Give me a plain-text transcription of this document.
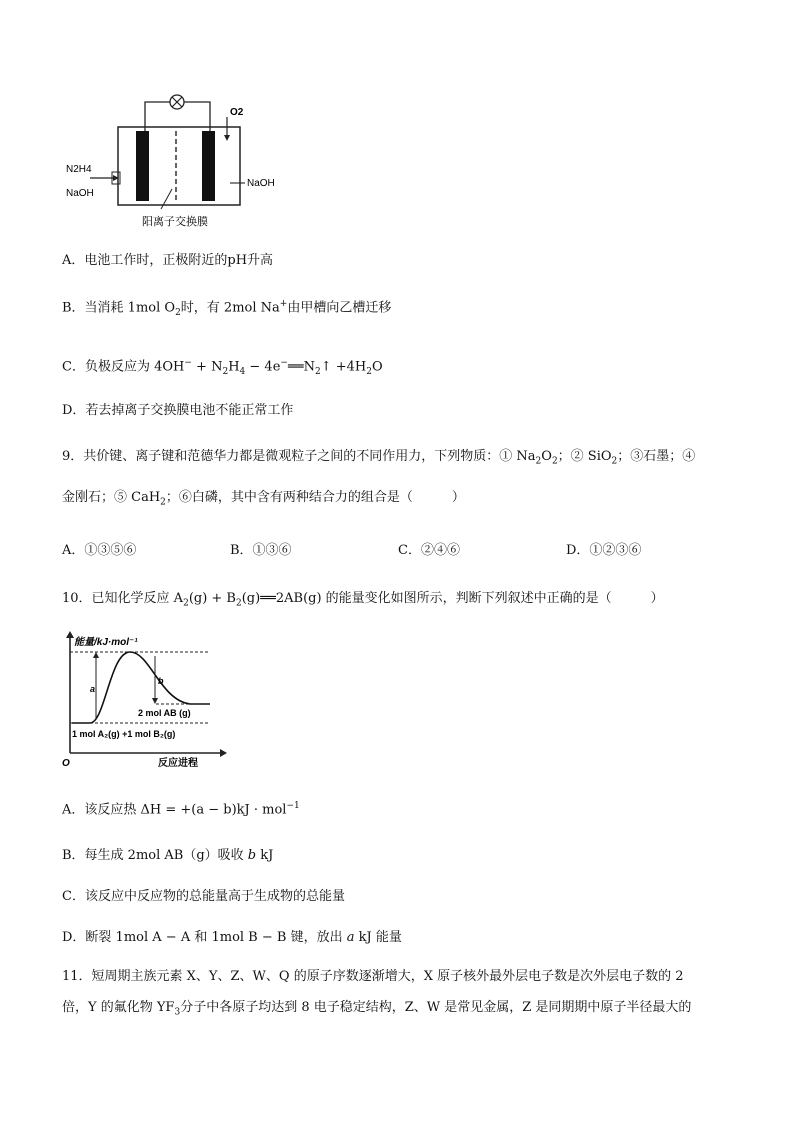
N2H4
NaOH
O2
NaOH
阳离子交换膜
A．电池工作时，正极附近的pH升高
B．当消耗 1mol $O_2$时，有 2mol Na+由甲槽向乙槽迁移
C．负极反应为 $4OH^- + N_2H_4$ − $4e^-══N_2↑ +4H_2O$
D．若去掉离子交换膜电池不能正常工作
9．共价键、离子键和范德华力都是微观粒子之间的不同作用力，下列物质：① $Na_2O_2$；② SiO$_2$；③石墨；④
金刚石；⑤ CaH$_2$；⑥白磷，其中含有两种结合力的组合是（　　　）
A．①③⑤⑥	B．①③⑥	C．②④⑥	D．①②③⑥
10．已知化学反应 $A_2(g)$ + $B_2(g)══2AB(g)$ 的能量变化如图所示，判断下列叙述中正确的是（　　　）
能量/kJ·mol⁻¹
O	反应进程
a
b
2 mol AB (g)
1 mol A₂(g) +1 mol B₂(g)
A．该反应热 ΔH = +(a − b)kJ · mol$^{-1}$
B．每生成 2mol AB（g）吸收 b kJ
C．该反应中反应物的总能量高于生成物的总能量
D．断裂 1mol A − A 和 1mol B − B 键，放出 a kJ 能量
11．短周期主族元素 X、Y、Z、W、Q 的原子序数逐渐增大，X 原子核外最外层电子数是次外层电子数的 2
倍，Y 的氟化物 $YF_3$分子中各原子均达到 8 电子稳定结构，Z、W 是常见金属，Z 是同期期中原子半径最大的
